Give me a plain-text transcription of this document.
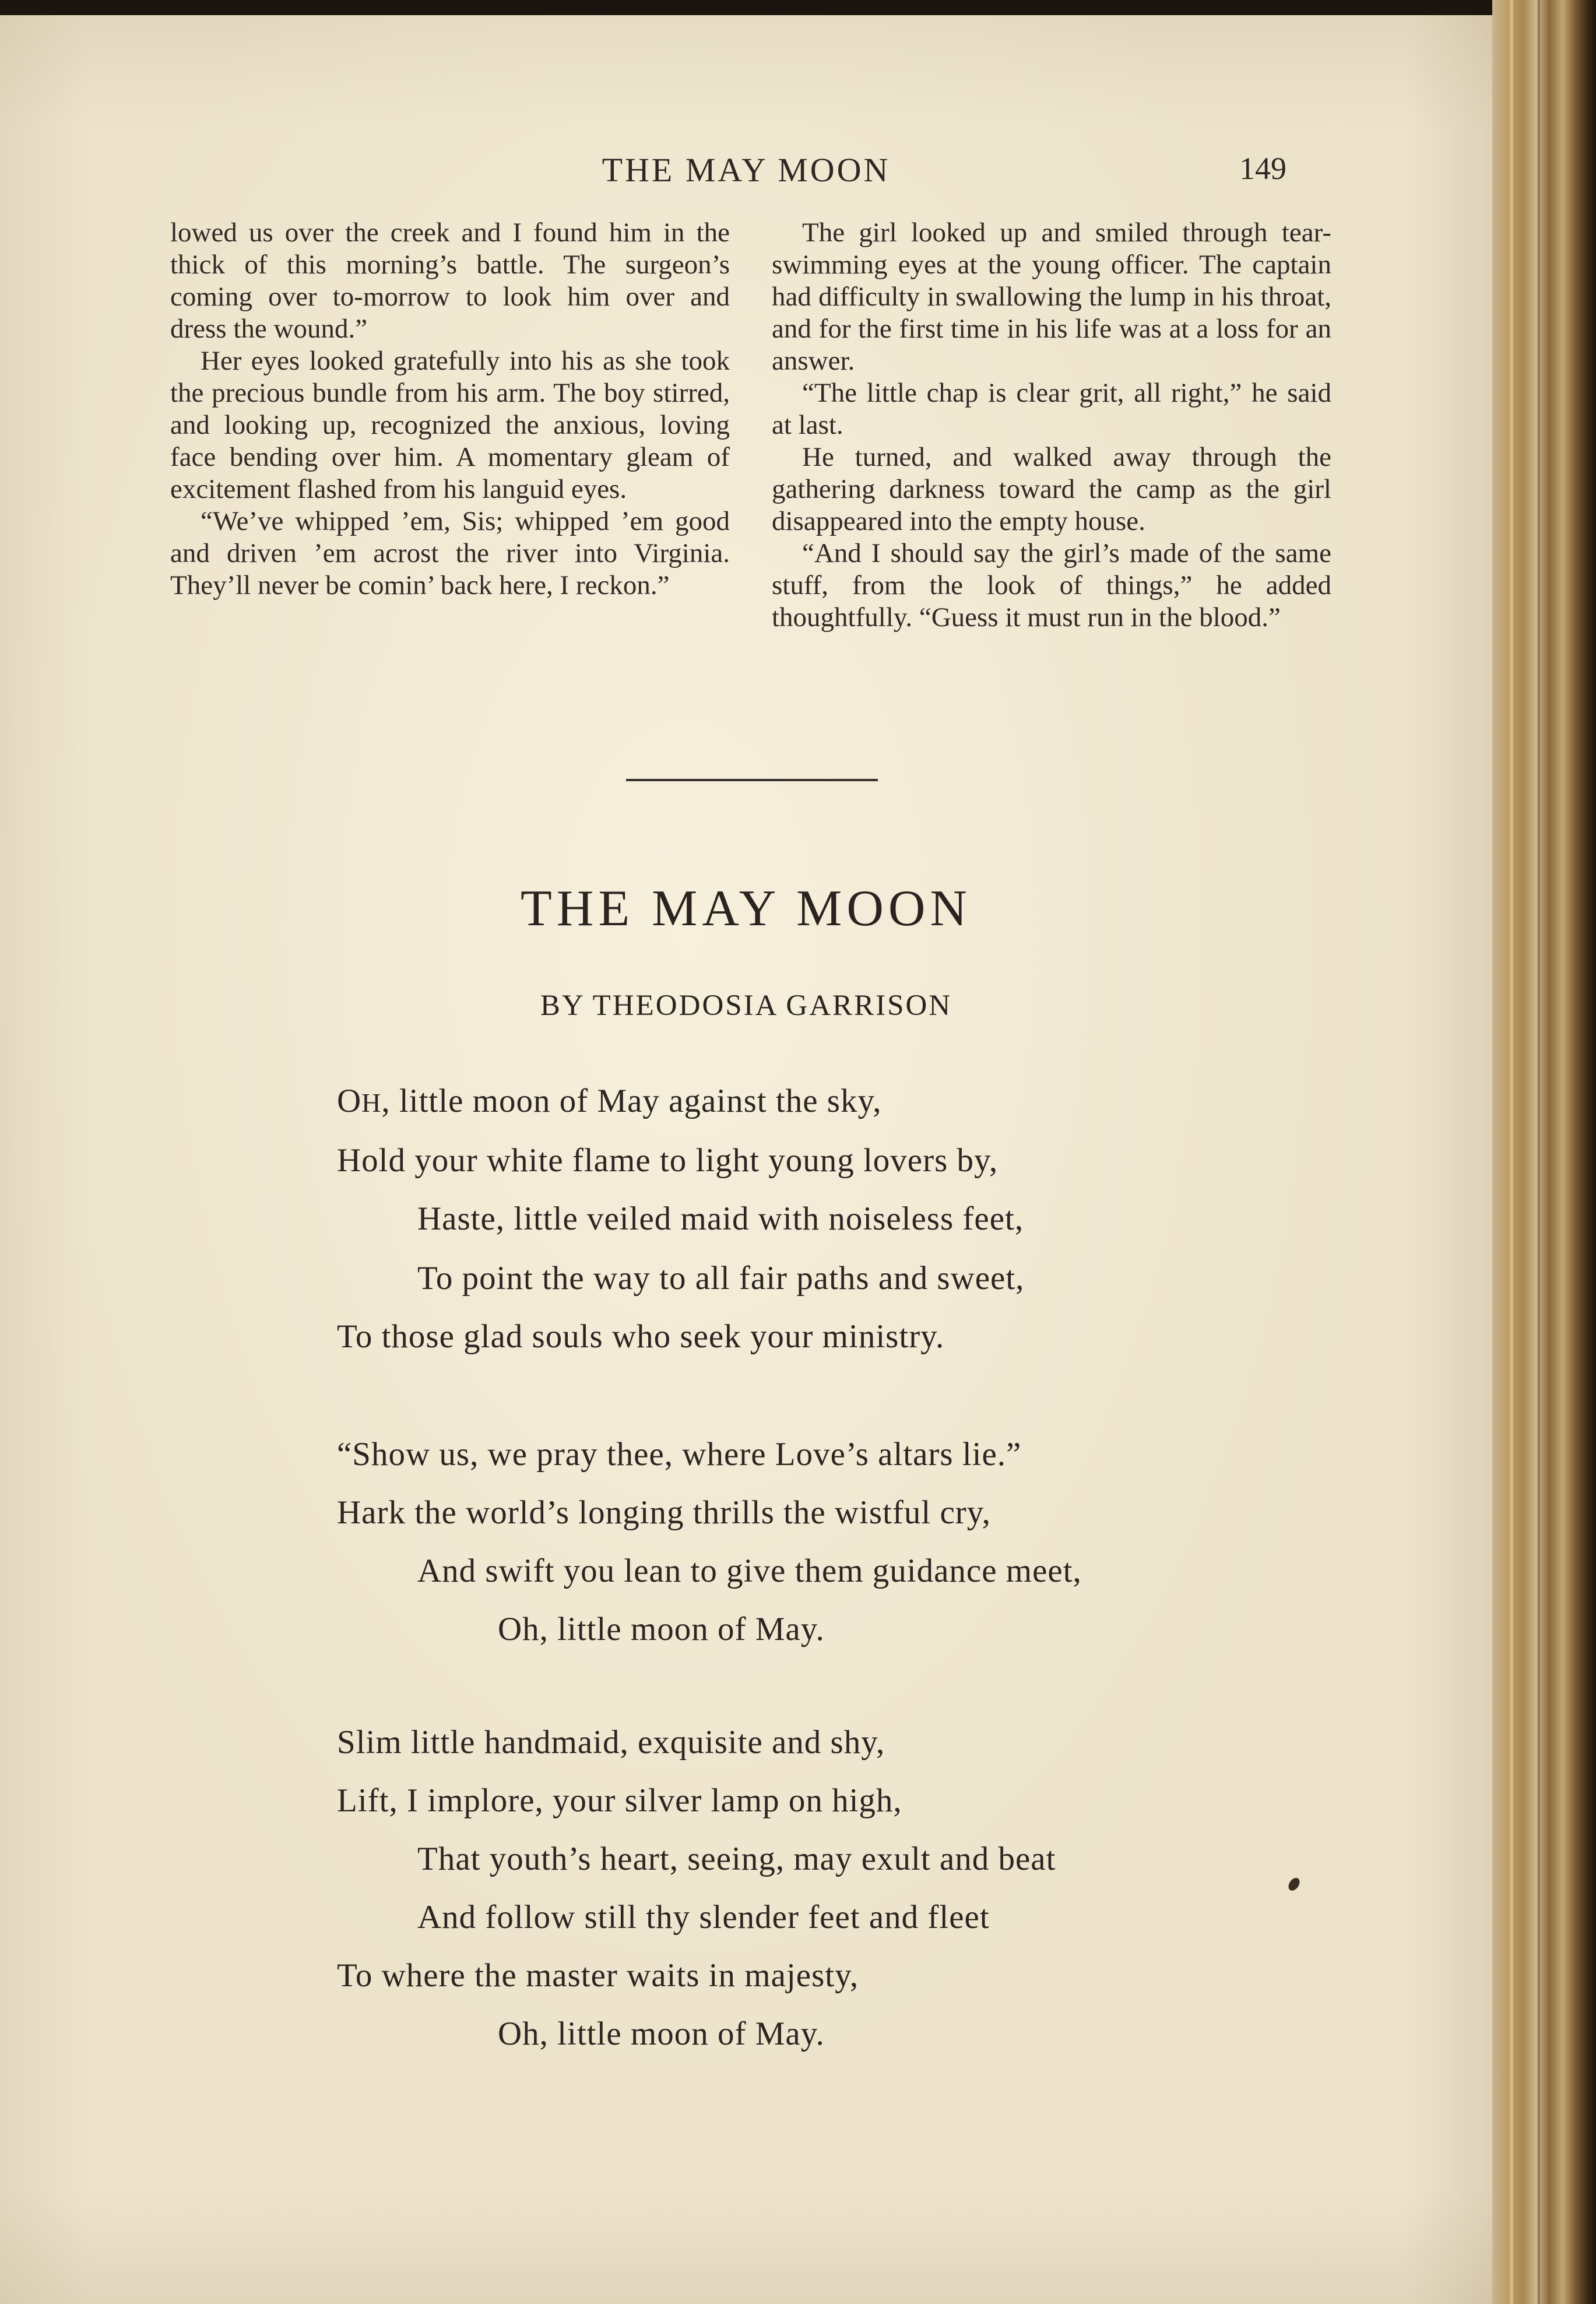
THE MAY MOON	149

lowed us over the creek and I found him in the thick of this morning’s battle. The surgeon’s coming over to-morrow to look him over and dress the wound.”

Her eyes looked gratefully into his as she took the precious bundle from his arm. The boy stirred, and looking up, recognized the anxious, loving face bending over him. A momentary gleam of excitement flashed from his languid eyes.

“We’ve whipped ’em, Sis; whipped ’em good and driven ’em acrost the river into Virginia. They’ll never be comin’ back here, I reckon.”

The girl looked up and smiled through tear-swimming eyes at the young officer. The captain had difficulty in swallowing the lump in his throat, and for the first time in his life was at a loss for an answer.

“The little chap is clear grit, all right,” he said at last.

He turned, and walked away through the gathering darkness toward the camp as the girl disappeared into the empty house.

“And I should say the girl’s made of the same stuff, from the look of things,” he added thoughtfully. “Guess it must run in the blood.”

THE MAY MOON
BY THEODOSIA GARRISON
OH, little moon of May against the sky,
Hold your white flame to light young lovers by,
Haste, little veiled maid with noiseless feet,
To point the way to all fair paths and sweet,
To those glad souls who seek your ministry.
“Show us, we pray thee, where Love’s altars lie.”
Hark the world’s longing thrills the wistful cry,
And swift you lean to give them guidance meet,
Oh, little moon of May.
Slim little handmaid, exquisite and shy,
Lift, I implore, your silver lamp on high,
That youth’s heart, seeing, may exult and beat
And follow still thy slender feet and fleet
To where the master waits in majesty,
Oh, little moon of May.
